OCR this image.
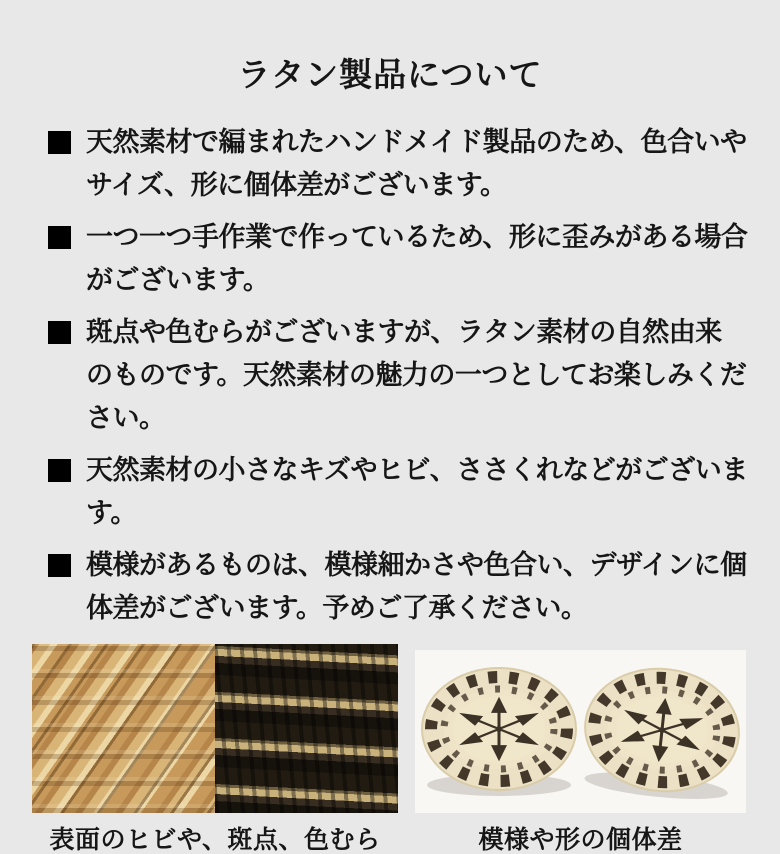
ラタン製品について
天然素材で編まれたハンドメイド製品のため、色合いやサイズ、形に個体差がございます。
一つ一つ手作業で作っているため、形に歪みがある場合がございます。
斑点や色むらがございますが、ラタン素材の自然由来のものです。天然素材の魅力の一つとしてお楽しみください。
天然素材の小さなキズやヒビ、ささくれなどがございます。
模様があるものは、模様細かさや色合い、デザインに個体差がございます。予めご了承ください。
表面のヒビや、斑点、色むら	模様や形の個体差
